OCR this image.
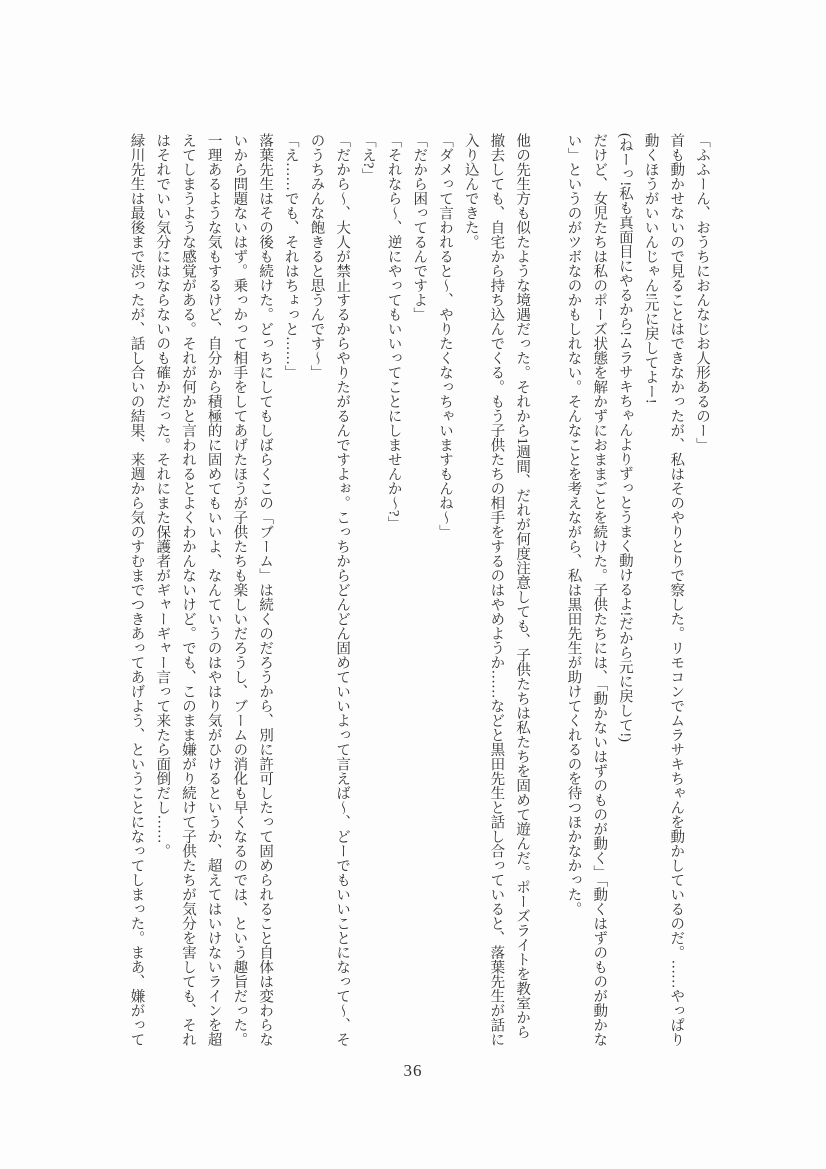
「ふふーん、おうちにおんなじお人形あるのー」

首も動かせないので見ることはできなかったが、私はそのやりとりで察した。リモコンでムラサキちゃんを動かしているのだ。……やっぱり

動くほうがいいんじゃん!元に戻してよー!

(ねーっ!私も真面目にやるから!ムラサキちゃんよりずっとうまく動けるよ!だから元に戻して!)

だけど、女児たちは私のポーズ状態を解かずにおままごとを続けた。子供たちには、「動かないはずのものが動く」「動くはずのものが動かな

い」というのがツボなのかもしれない。そんなことを考えながら、私は黒田先生が助けてくれるのを待つほかなかった。

他の先生方も似たような境遇だった。それから1週間、だれが何度注意しても、子供たちは私たちを固めて遊んだ。ポーズライトを教室から

撤去しても、自宅から持ち込んでくる。もう子供たちの相手をするのはやめようか……などと黒田先生と話し合っていると、落葉先生が話に

入り込んできた。

「ダメって言われると〜、やりたくなっちゃいますもんね〜」

「だから困ってるんですよ」

「それなら〜、逆にやってもいいってことにしませんか〜?」

「え?」

「だから〜、大人が禁止するからやりたがるんですよぉ。こっちからどんどん固めていいよって言えば〜、どーでもいいことになって〜、そ

のうちみんな飽きると思うんです〜」

「え……でも、それはちょっと……」

落葉先生はその後も続けた。どっちにしてもしばらくこの「ブーム」は続くのだろうから、別に許可したって固められること自体は変わらな

いから問題ないはず。乗っかって相手をしてあげたほうが子供たちも楽しいだろうし、ブームの消化も早くなるのでは、という趣旨だった。

一理あるような気もするけど、自分から積極的に固めてもいいよ、なんていうのはやはり気がひけるというか、超えてはいけないラインを超

えてしまうような感覚がある。それが何かと言われるとよくわかんないけど。でも、このまま嫌がり続けて子供たちが気分を害しても、それ

はそれでいい気分にはならないのも確かだった。それにまた保護者がギャーギャー言って来たら面倒だし……。

緑川先生は最後まで渋ったが、話し合いの結果、来週から気のすむまでつきあってあげよう、ということになってしまった。まあ、嫌がって

36
